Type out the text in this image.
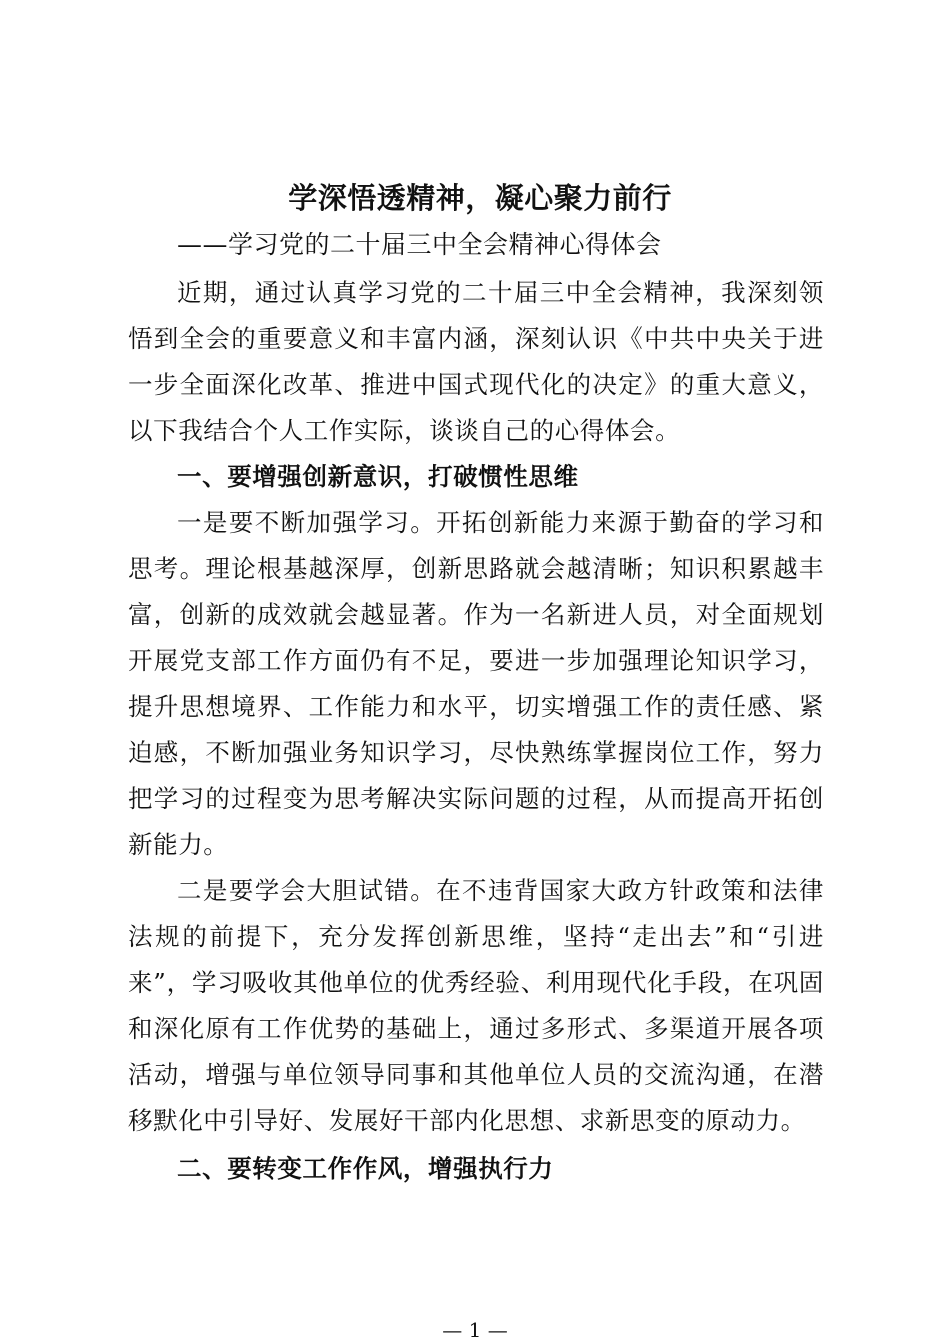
学深悟透精神，凝心聚力前行
——学习党的二十届三中全会精神心得体会

近期，通过认真学习党的二十届三中全会精神，我深刻领悟到全会的重要意义和丰富内涵，深刻认识《中共中央关于进一步全面深化改革、推进中国式现代化的决定》的重大意义，以下我结合个人工作实际，谈谈自己的心得体会。

一、要增强创新意识，打破惯性思维

一是要不断加强学习。开拓创新能力来源于勤奋的学习和思考。理论根基越深厚，创新思路就会越清晰；知识积累越丰富，创新的成效就会越显著。作为一名新进人员，对全面规划开展党支部工作方面仍有不足，要进一步加强理论知识学习，提升思想境界、工作能力和水平，切实增强工作的责任感、紧迫感，不断加强业务知识学习，尽快熟练掌握岗位工作，努力把学习的过程变为思考解决实际问题的过程，从而提高开拓创新能力。

二是要学会大胆试错。在不违背国家大政方针政策和法律法规的前提下，充分发挥创新思维，坚持“走出去”和“引进来”，学习吸收其他单位的优秀经验、利用现代化手段，在巩固和深化原有工作优势的基础上，通过多形式、多渠道开展各项活动，增强与单位领导同事和其他单位人员的交流沟通，在潜移默化中引导好、发展好干部内化思想、求新思变的原动力。

二、要转变工作作风，增强执行力

— 1 —
